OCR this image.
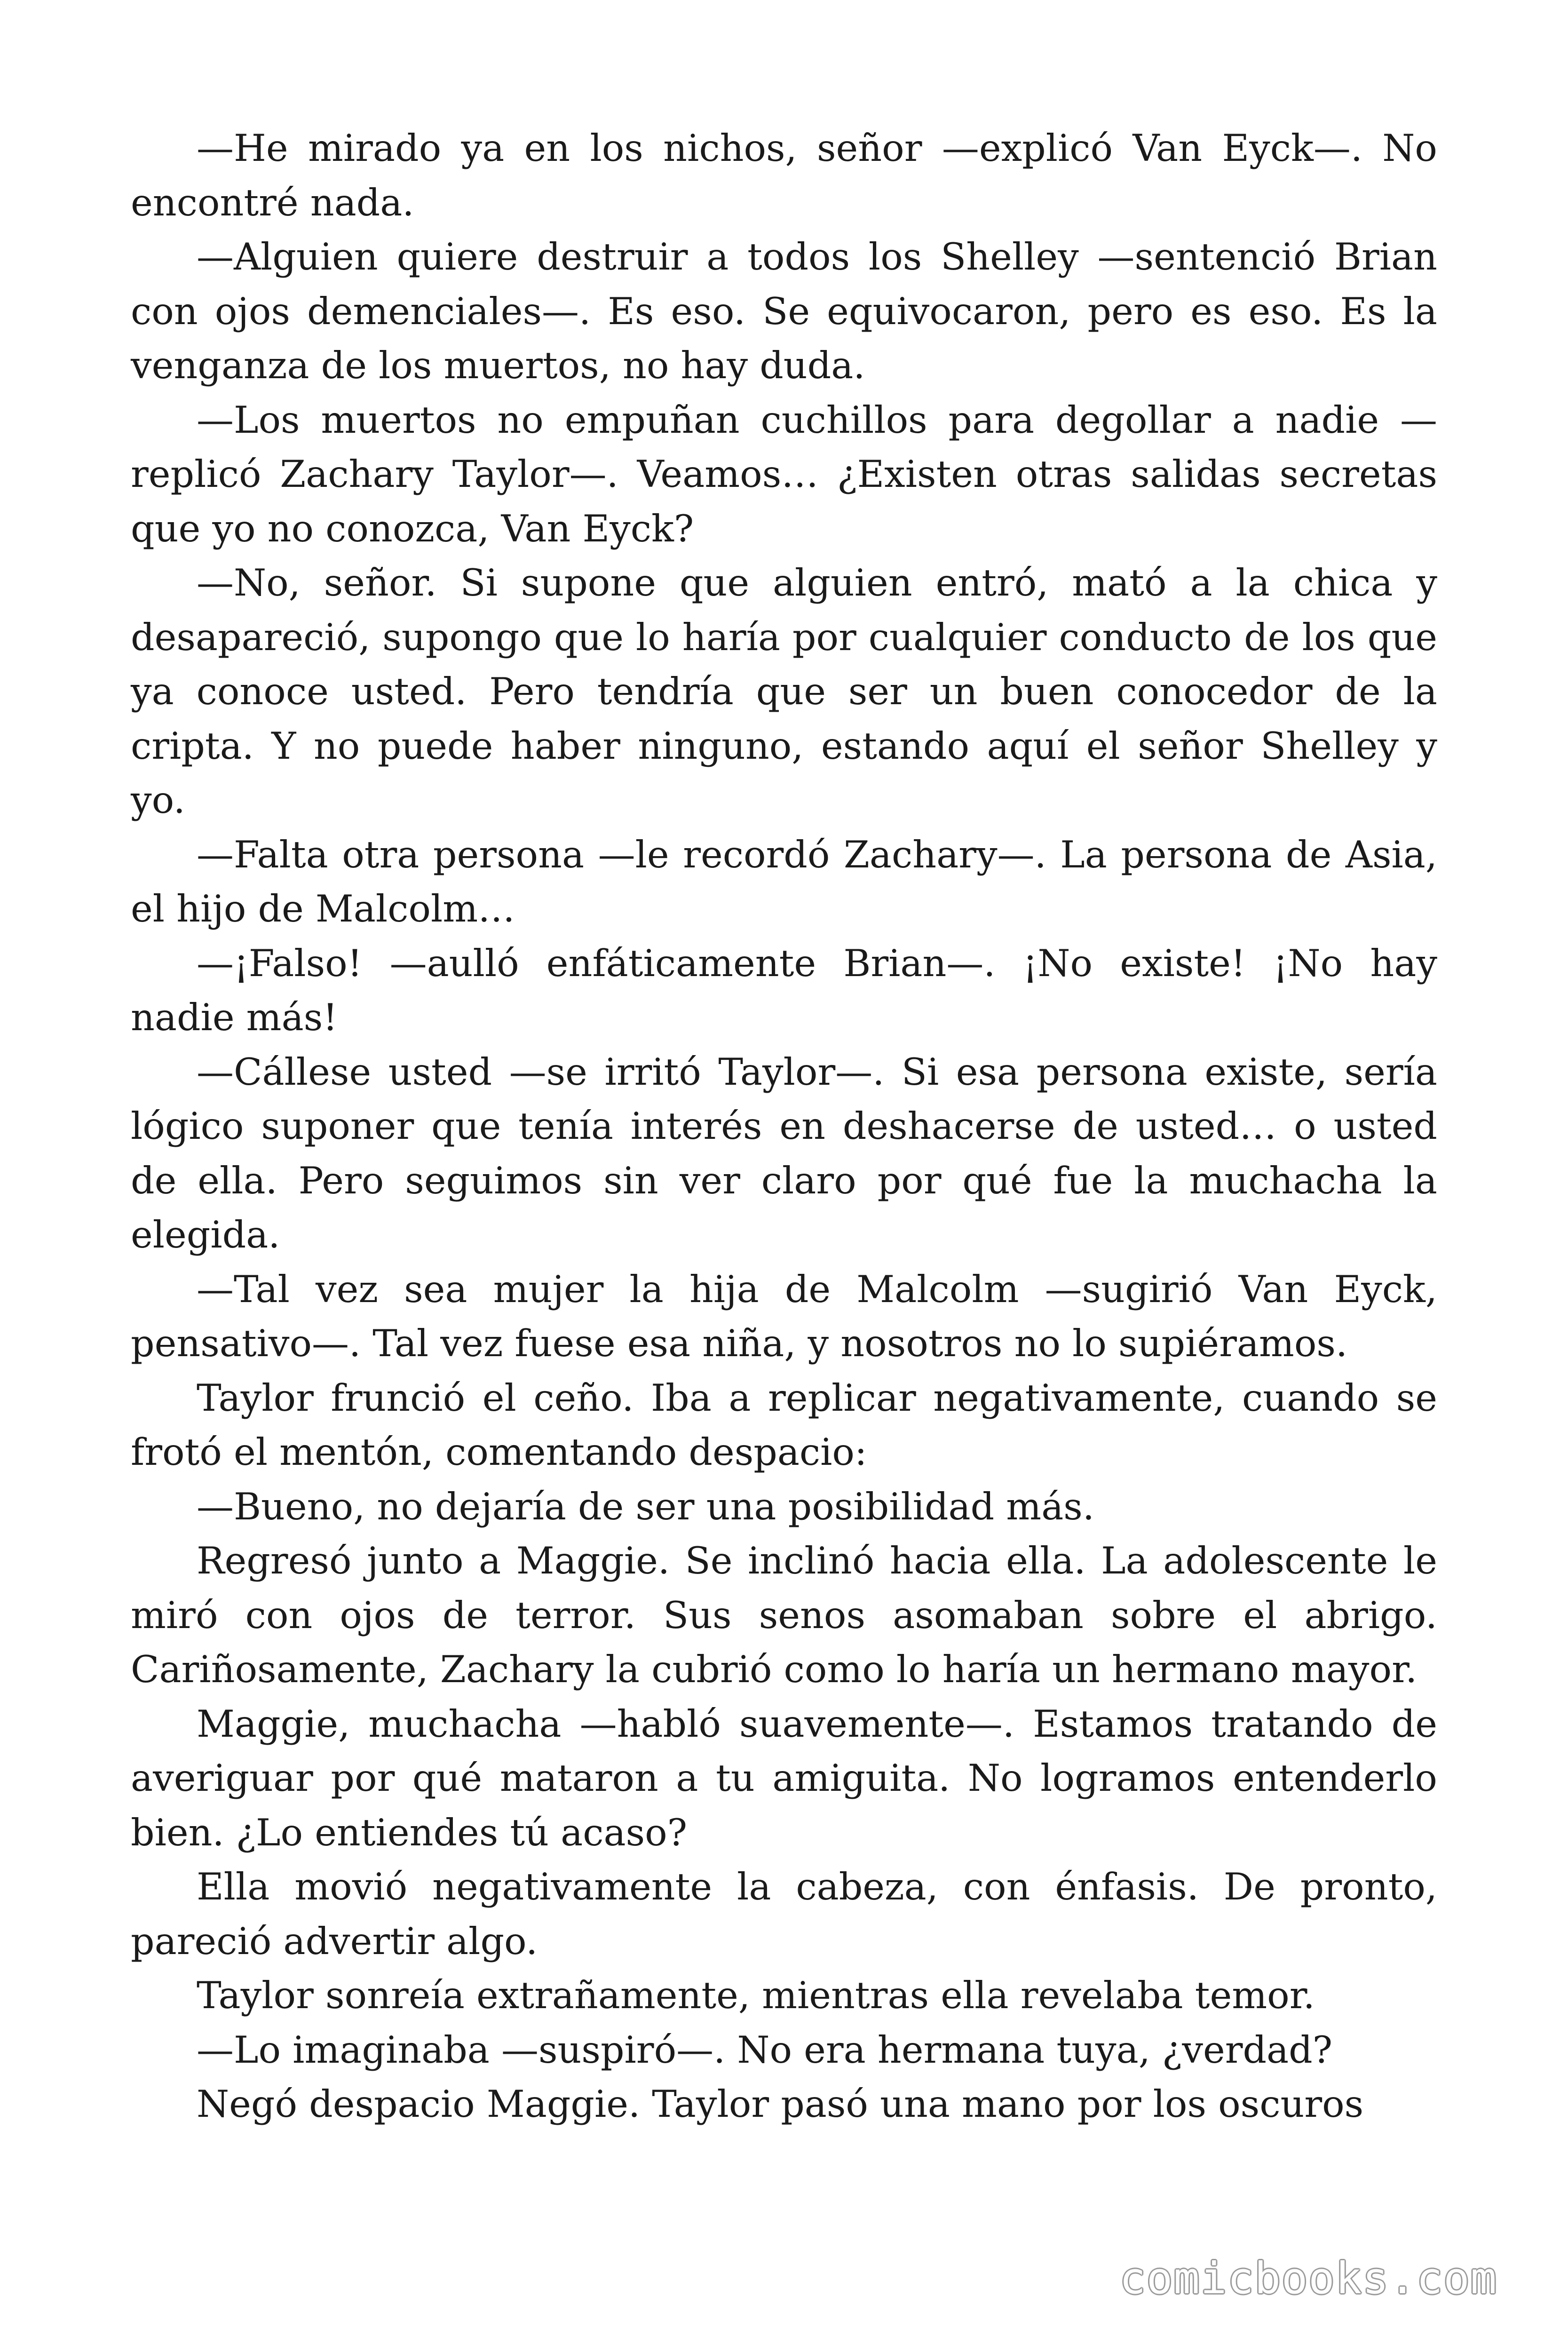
—He mirado ya en los nichos, señor —explicó Van Eyck—. No encontré nada.

—Alguien quiere destruir a todos los Shelley —sentenció Brian con ojos demenciales—. Es eso. Se equivocaron, pero es eso. Es la venganza de los muertos, no hay duda.

—Los muertos no empuñan cuchillos para degollar a nadie —replicó Zachary Taylor—. Veamos… ¿Existen otras salidas secretas que yo no conozca, Van Eyck?

—No, señor. Si supone que alguien entró, mató a la chica y desapareció, supongo que lo haría por cualquier conducto de los que ya conoce usted. Pero tendría que ser un buen conocedor de la cripta. Y no puede haber ninguno, estando aquí el señor Shelley y yo.

—Falta otra persona —le recordó Zachary—. La persona de Asia, el hijo de Malcolm…

—¡Falso! —aulló enfáticamente Brian—. ¡No existe! ¡No hay nadie más!

—Cállese usted —se irritó Taylor—. Si esa persona existe, sería lógico suponer que tenía interés en deshacerse de usted… o usted de ella. Pero seguimos sin ver claro por qué fue la muchacha la elegida.

—Tal vez sea mujer la hija de Malcolm —sugirió Van Eyck, pensativo—. Tal vez fuese esa niña, y nosotros no lo supiéramos.

Taylor frunció el ceño. Iba a replicar negativamente, cuando se frotó el mentón, comentando despacio:

—Bueno, no dejaría de ser una posibilidad más.

Regresó junto a Maggie. Se inclinó hacia ella. La adolescente le miró con ojos de terror. Sus senos asomaban sobre el abrigo. Cariñosamente, Zachary la cubrió como lo haría un hermano mayor.

Maggie, muchacha —habló suavemente—. Estamos tratando de averiguar por qué mataron a tu amiguita. No logramos entenderlo bien. ¿Lo entiendes tú acaso?

Ella movió negativamente la cabeza, con énfasis. De pronto, pareció advertir algo.

Taylor sonreía extrañamente, mientras ella revelaba temor.

—Lo imaginaba —suspiró—. No era hermana tuya, ¿verdad?

Negó despacio Maggie. Taylor pasó una mano por los oscuros

comicbooks.com
